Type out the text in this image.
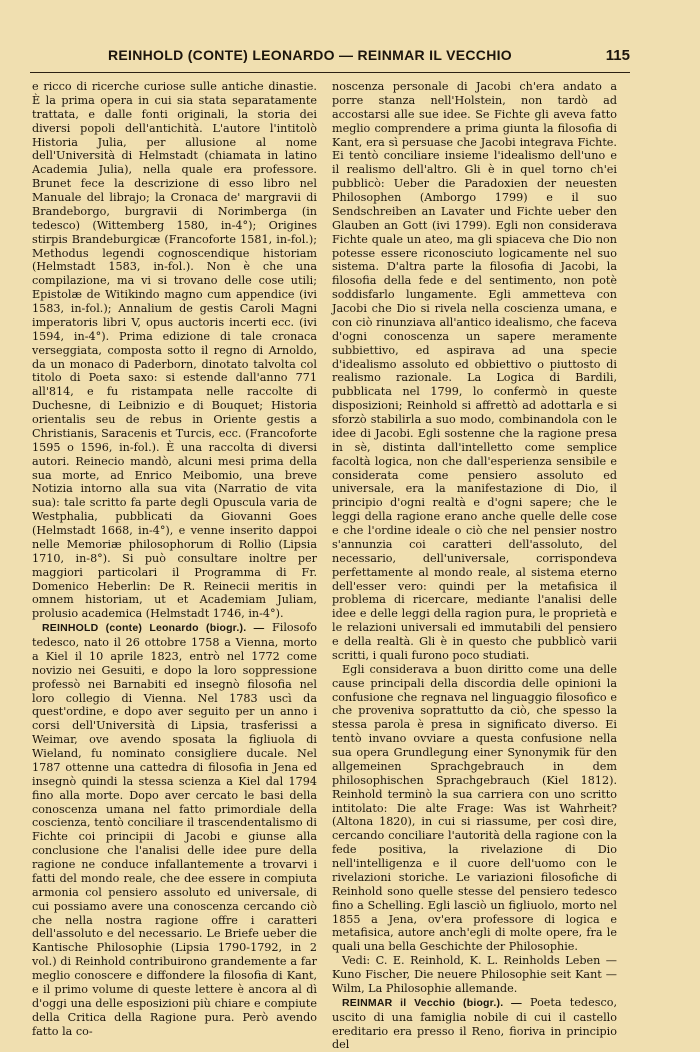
REINHOLD (CONTE) LEONARDO — REINMAR IL VECCHIO	115

e ricco di ricerche curiose sulle antiche dinastie. È la prima opera in cui sia stata separatamente trattata, e dalle fonti originali, la storia dei diversi popoli dell'antichità. L'autore l'intitolò Historia Julia, per allusione al nome dell'Università di Helmstadt (chiamata in latino Academia Julia), nella quale era professore. Brunet fece la descrizione di esso libro nel Manuale del librajo; la Cronaca de' margravii di Brandeborgo, burgravii di Norimberga (in tedesco) (Wittemberg 1580, in-4°); Origines stirpis Brandeburgicæ (Francoforte 1581, in-fol.); Methodus legendi cognoscendique historiam (Helmstadt 1583, in-fol.). Non è che una compilazione, ma vi si trovano delle cose utili; Epistolæ de Witikindo magno cum appendice (ivi 1583, in-fol.); Annalium de gestis Caroli Magni imperatoris libri V, opus auctoris incerti ecc. (ivi 1594, in-4°). Prima edizione di tale cronaca verseggiata, composta sotto il regno di Arnoldo, da un monaco di Paderborn, dinotato talvolta col titolo di Poeta saxo: si estende dall'anno 771 all'814, e fu ristampata nelle raccolte di Duchesne, di Leibnizio e di Bouquet; Historia orientalis seu de rebus in Oriente gestis a Christianis, Saracenis et Turcis, ecc. (Francoforte 1595 o 1596, in-fol.). È una raccolta di diversi autori. Reinecio mandò, alcuni mesi prima della sua morte, ad Enrico Meibomio, una breve Notizia intorno alla sua vita (Narratio de vita sua): tale scritto fa parte degli Opuscula varia de Westphalia, pubblicati da Giovanni Goes (Helmstadt 1668, in-4°), e venne inserito dappoi nelle Memoriæ philosophorum di Rollio (Lipsia 1710, in-8°). Si può consultare inoltre per maggiori particolari il Programma di Fr. Domenico Heberlin: De R. Reinecii meritis in omnem historiam, ut et Academiam Juliam, prolusio academica (Helmstadt 1746, in-4°).

REINHOLD (conte) Leonardo (biogr.). — Filosofo tedesco, nato il 26 ottobre 1758 a Vienna, morto a Kiel il 10 aprile 1823, entrò nel 1772 come novizio nei Gesuiti, e dopo la loro soppressione professò nei Barnabiti ed insegnò filosofia nel loro collegio di Vienna. Nel 1783 uscì da quest'ordine, e dopo aver seguito per un anno i corsi dell'Università di Lipsia, trasferissi a Weimar, ove avendo sposata la figliuola di Wieland, fu nominato consigliere ducale. Nel 1787 ottenne una cattedra di filosofia in Jena ed insegnò quindi la stessa scienza a Kiel dal 1794 fino alla morte. Dopo aver cercato le basi della conoscenza umana nel fatto primordiale della coscienza, tentò conciliare il trascendentalismo di Fichte coi principii di Jacobi e giunse alla conclusione che l'analisi delle idee pure della ragione ne conduce infallantemente a trovarvi i fatti del mondo reale, che dee essere in compiuta armonia col pensiero assoluto ed universale, di cui possiamo avere una conoscenza cercando ciò che nella nostra ragione offre i caratteri dell'assoluto e del necessario. Le Briefe ueber die Kantische Philosophie (Lipsia 1790-1792, in 2 vol.) di Reinhold contribuirono grandemente a far meglio conoscere e diffondere la filosofia di Kant, e il primo volume di queste lettere è ancora al dì d'oggi una delle esposizioni più chiare e compiute della Critica della Ragione pura. Però avendo fatto la co-

noscenza personale di Jacobi ch'era andato a porre stanza nell'Holstein, non tardò ad accostarsi alle sue idee. Se Fichte gli aveva fatto meglio comprendere a prima giunta la filosofia di Kant, era sì persuase che Jacobi integrava Fichte. Ei tentò conciliare insieme l'idealismo dell'uno e il realismo dell'altro. Gli è in quel torno ch'ei pubblicò: Ueber die Paradoxien der neuesten Philosophen (Amborgo 1799) e il suo Sendschreiben an Lavater und Fichte ueber den Glauben an Gott (ivi 1799). Egli non considerava Fichte quale un ateo, ma gli spiaceva che Dio non potesse essere riconosciuto logicamente nel suo sistema. D'altra parte la filosofia di Jacobi, la filosofia della fede e del sentimento, non potè soddisfarlo lungamente. Egli ammetteva con Jacobi che Dio si rivela nella coscienza umana, e con ciò rinunziava all'antico idealismo, che faceva d'ogni conoscenza un sapere meramente subbiettivo, ed aspirava ad una specie d'idealismo assoluto ed obbiettivo o piuttosto di realismo razionale. La Logica di Bardili, pubblicata nel 1799, lo confermò in queste disposizioni; Reinhold si affrettò ad adottarla e si sforzò stabilirla a suo modo, combinandola con le idee di Jacobi. Egli sostenne che la ragione presa in sè, distinta dall'intelletto come semplice facoltà logica, non che dall'esperienza sensibile e considerata come pensiero assoluto ed universale, era la manifestazione di Dio, il principio d'ogni realtà e d'ogni sapere; che le leggi della ragione erano anche quelle delle cose e che l'ordine ideale o ciò che nel pensier nostro s'annunzia coi caratteri dell'assoluto, del necessario, dell'universale, corrispondeva perfettamente al mondo reale, al sistema eterno dell'esser vero: quindi per la metafisica il problema di ricercare, mediante l'analisi delle idee e delle leggi della ragion pura, le proprietà e le relazioni universali ed immutabili del pensiero e della realtà. Gli è in questo che pubblicò varii scritti, i quali furono poco studiati.

Egli considerava a buon diritto come una delle cause principali della discordia delle opinioni la confusione che regnava nel linguaggio filosofico e che proveniva soprattutto da ciò, che spesso la stessa parola è presa in significato diverso. Ei tentò invano ovviare a questa confusione nella sua opera Grundlegung einer Synonymik für den allgemeinen Sprachgebrauch in dem philosophischen Sprachgebrauch (Kiel 1812). Reinhold terminò la sua carriera con uno scritto intitolato: Die alte Frage: Was ist Wahrheit? (Altona 1820), in cui si riassume, per così dire, cercando conciliare l'autorità della ragione con la fede positiva, la rivelazione di Dio nell'intelligenza e il cuore dell'uomo con le rivelazioni storiche. Le variazioni filosofiche di Reinhold sono quelle stesse del pensiero tedesco fino a Schelling. Egli lasciò un figliuolo, morto nel 1855 a Jena, ov'era professore di logica e metafisica, autore anch'egli di molte opere, fra le quali una bella Geschichte der Philosophie.

Vedi: C. E. Reinhold, K. L. Reinholds Leben — Kuno Fischer, Die neuere Philosophie seit Kant — Wilm, La Philosophie allemande.

REINMAR il Vecchio (biogr.). — Poeta tedesco, uscito di una famiglia nobile di cui il castello ereditario era presso il Reno, fioriva in principio del
